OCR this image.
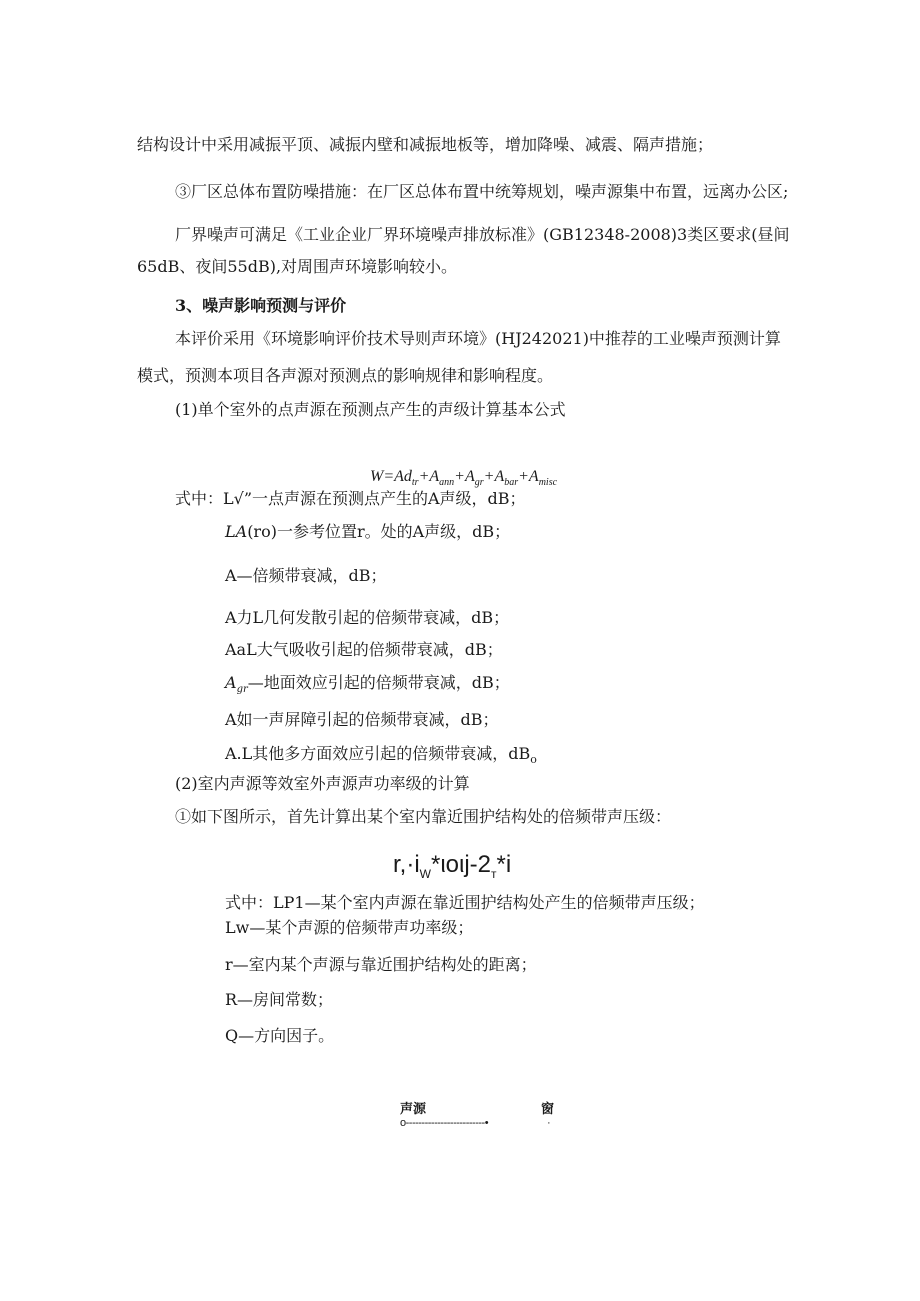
结构设计中采用减振平顶、减振内壁和减振地板等，增加降噪、减震、隔声措施；
③厂区总体布置防噪措施：在厂区总体布置中统筹规划，噪声源集中布置，远离办公区;
厂界噪声可满足《工业企业厂界环境噪声排放标准》(GB12348-2008)3类区要求(昼间
65dB、夜间55dB),对周围声环境影响较小。
3、噪声影响预测与评价
本评价采用《环境影响评价技术导则声环境》(HJ242021)中推荐的工业噪声预测计算
模式，预测本项目各声源对预测点的影响规律和影响程度。
(1)单个室外的点声源在预测点产生的声级计算基本公式
$W=Ad_{tr}+A_{ann}+A_{gr}+A_{bar}+A_{misc}$
式中：L√”一点声源在预测点产生的A声级，dB；
LA(ro)一参考位置r。处的A声级，dB；
A—倍频带衰减，dB；
A力L几何发散引起的倍频带衰减，dB；
AaL大气吸收引起的倍频带衰减，dB；
$A_{gr}—$地面效应引起的倍频带衰减，dB；
A如一声屏障引起的倍频带衰减，dB；
A.L其他多方面效应引起的倍频带衰减，$dB_o$
(2)室内声源等效室外声源声功率级的计算
①如下图所示，首先计算出某个室内靠近围护结构处的倍频带声压级：
$r,\cdot i_W*\iota o\iota j-2_т*i$
式中：LP1—某个室内声源在靠近围护结构处产生的倍频带声压级；
Lw—某个声源的倍频带声功率级；
r—室内某个声源与靠近围护结构处的距离；
R—房间常数；
Q—方向因子。
声源	窗
o-------------------------•	·
